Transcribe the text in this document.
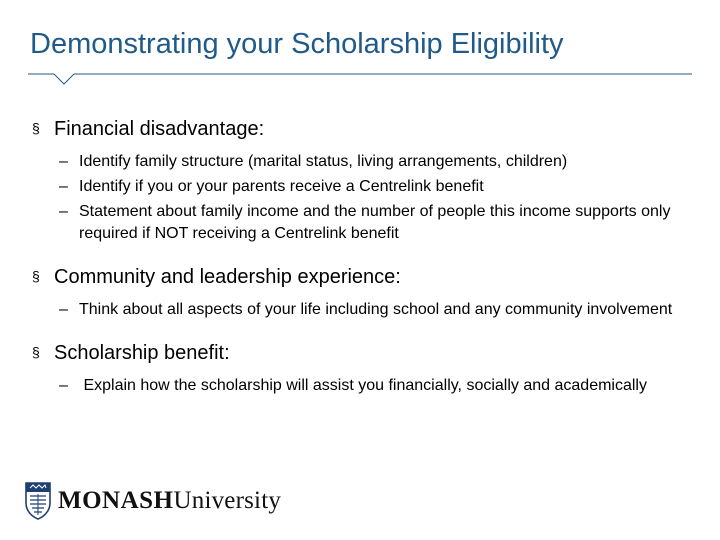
Demonstrating your Scholarship Eligibility
§ Financial disadvantage:
– Identify family structure (marital status, living arrangements, children)
– Identify if you or your parents receive a Centrelink benefit
– Statement about family income and the number of people this income supports only required if NOT receiving a Centrelink benefit
§ Community and leadership experience:
– Think about all aspects of your life including school and any community involvement
§ Scholarship benefit:
– Explain how the scholarship will assist you financially, socially and academically
MONASHUniversity
